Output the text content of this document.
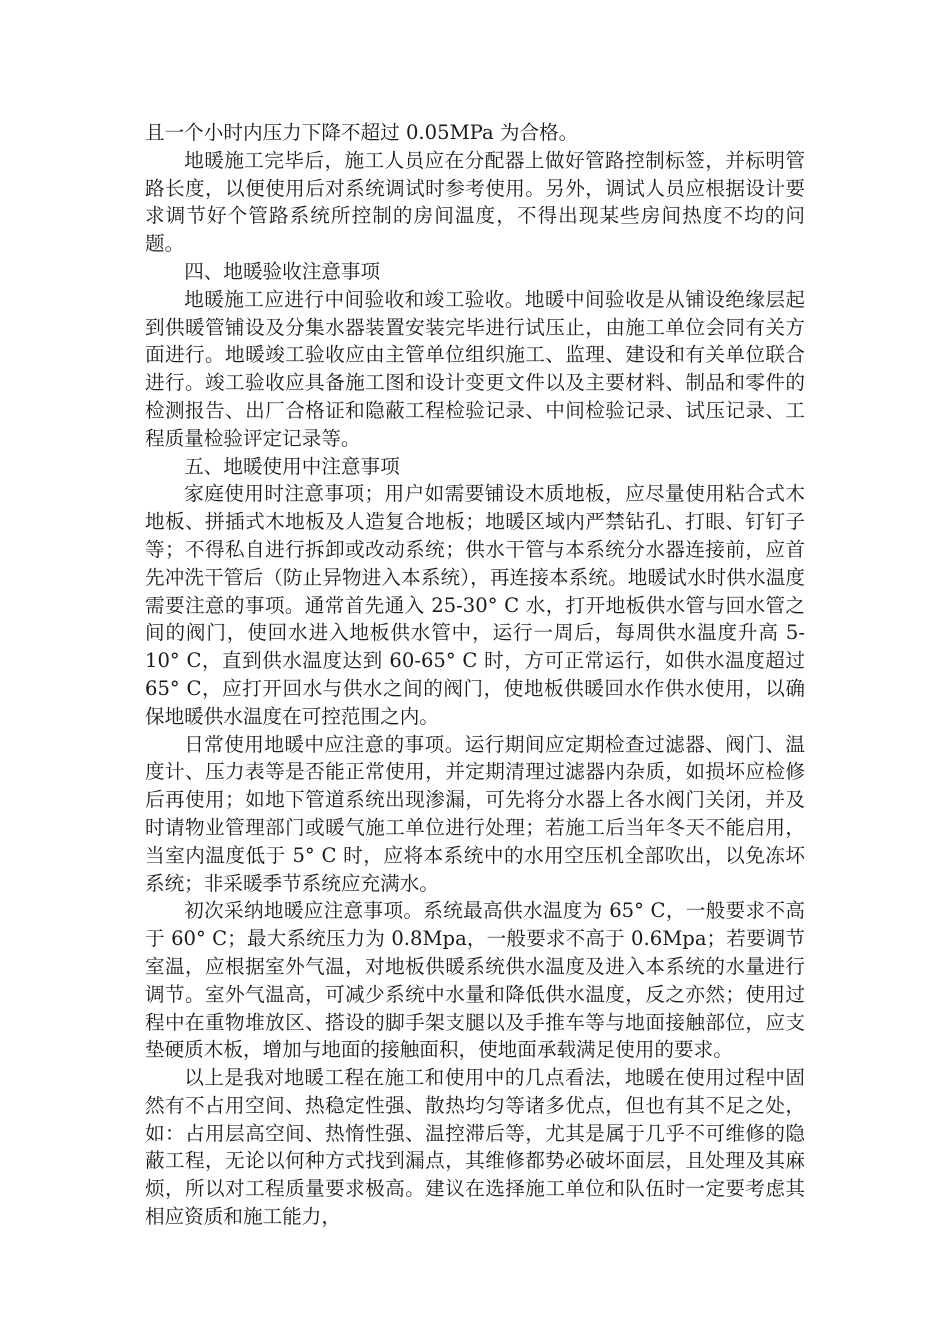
且一个小时内压力下降不超过 0.05MPa 为合格。

地暖施工完毕后，施工人员应在分配器上做好管路控制标签，并标明管路长度，以便使用后对系统调试时参考使用。另外，调试人员应根据设计要求调节好个管路系统所控制的房间温度，不得出现某些房间热度不均的问题。

四、地暖验收注意事项

地暖施工应进行中间验收和竣工验收。地暖中间验收是从铺设绝缘层起到供暖管铺设及分集水器装置安装完毕进行试压止，由施工单位会同有关方面进行。地暖竣工验收应由主管单位组织施工、监理、建设和有关单位联合进行。竣工验收应具备施工图和设计变更文件以及主要材料、制品和零件的检测报告、出厂合格证和隐蔽工程检验记录、中间检验记录、试压记录、工程质量检验评定记录等。

五、地暖使用中注意事项

家庭使用时注意事项；用户如需要铺设木质地板，应尽量使用粘合式木地板、拼插式木地板及人造复合地板；地暖区域内严禁钻孔、打眼、钉钉子等；不得私自进行拆卸或改动系统；供水干管与本系统分水器连接前，应首先冲洗干管后（防止异物进入本系统），再连接本系统。地暖试水时供水温度需要注意的事项。通常首先通入 25-30° C 水，打开地板供水管与回水管之间的阀门，使回水进入地板供水管中，运行一周后，每周供水温度升高 5-10° C，直到供水温度达到 60-65° C 时，方可正常运行，如供水温度超过 65° C，应打开回水与供水之间的阀门，使地板供暖回水作供水使用，以确保地暖供水温度在可控范围之内。

日常使用地暖中应注意的事项。运行期间应定期检查过滤器、阀门、温度计、压力表等是否能正常使用，并定期清理过滤器内杂质，如损坏应检修后再使用；如地下管道系统出现渗漏，可先将分水器上各水阀门关闭，并及时请物业管理部门或暖气施工单位进行处理；若施工后当年冬天不能启用，当室内温度低于 5° C 时，应将本系统中的水用空压机全部吹出，以免冻坏系统；非采暖季节系统应充满水。

初次采纳地暖应注意事项。系统最高供水温度为 65° C，一般要求不高于 60° C；最大系统压力为 0.8Mpa，一般要求不高于 0.6Mpa；若要调节室温，应根据室外气温，对地板供暖系统供水温度及进入本系统的水量进行调节。室外气温高，可减少系统中水量和降低供水温度，反之亦然；使用过程中在重物堆放区、搭设的脚手架支腿以及手推车等与地面接触部位，应支垫硬质木板，增加与地面的接触面积，使地面承载满足使用的要求。

以上是我对地暖工程在施工和使用中的几点看法，地暖在使用过程中固然有不占用空间、热稳定性强、散热均匀等诸多优点，但也有其不足之处，如：占用层高空间、热惰性强、温控滞后等，尤其是属于几乎不可维修的隐蔽工程，无论以何种方式找到漏点，其维修都势必破坏面层，且处理及其麻烦，所以对工程质量要求极高。建议在选择施工单位和队伍时一定要考虑其相应资质和施工能力，
